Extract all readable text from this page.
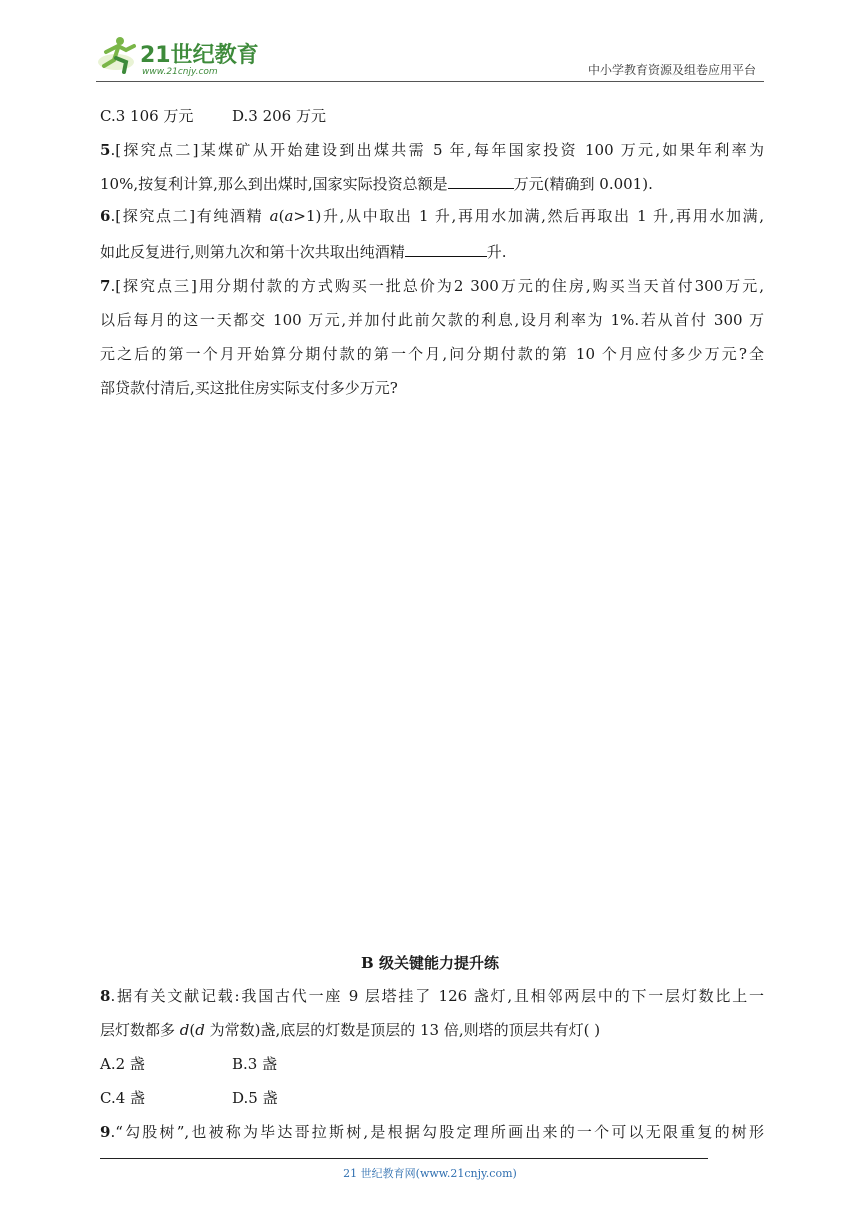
21世纪教育
www.21cnjy.com	中小学教育资源及组卷应用平台
C.3 106 万元	D.3 206 万元
5.[探究点二]某煤矿从开始建设到出煤共需 5 年,每年国家投资 100 万元,如果年利率为
10%,按复利计算,那么到出煤时,国家实际投资总额是	万元(精确到 0.001).
6.[探究点二]有纯酒精 a(a>1)升,从中取出 1 升,再用水加满,然后再取出 1 升,再用水加满,
如此反复进行,则第九次和第十次共取出纯酒精	升.
7.[探究点三]用分期付款的方式购买一批总价为2 300万元的住房,购买当天首付300万元,
以后每月的这一天都交 100 万元,并加付此前欠款的利息,设月利率为 1%.若从首付 300 万
元之后的第一个月开始算分期付款的第一个月,问分期付款的第 10 个月应付多少万元?全
部贷款付清后,买这批住房实际支付多少万元?
B 级关键能力提升练
8.据有关文献记载:我国古代一座 9 层塔挂了 126 盏灯,且相邻两层中的下一层灯数比上一
层灯数都多 d(d 为常数)盏,底层的灯数是顶层的 13 倍,则塔的顶层共有灯( )
A.2 盏	B.3 盏
C.4 盏	D.5 盏
9.“勾股树”,也被称为毕达哥拉斯树,是根据勾股定理所画出来的一个可以无限重复的树形
21 世纪教育网(www.21cnjy.com)
